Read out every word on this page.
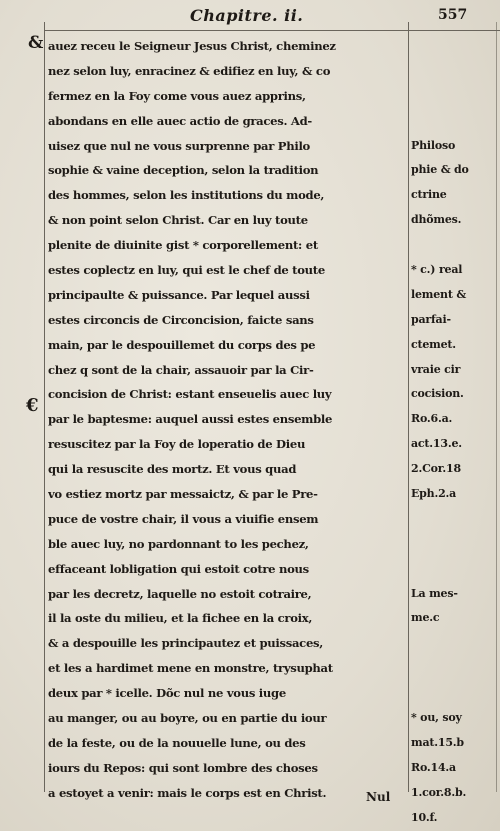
Chapitre. ii.	557
&
€
auez receu le Seigneur Jesus Christ, cheminez
nez selon luy, enracinez & edifiez en luy, & co
fermez en la Foy come vous auez apprins,
abondans en elle auec actio de graces. Ad-
uisez que nul ne vous surprenne par Philo
sophie & vaine deception, selon la tradition
des hommes, selon les institutions du mode,
& non point selon Christ. Car en luy toute
plenite de diuinite gist * corporellement: et
estes coplectz en luy, qui est le chef de toute
principaulte & puissance. Par lequel aussi
estes circoncis de Circoncision, faicte sans
main, par le despouillemet du corps des pe
chez q sont de la chair, assauoir par la Cir-
concision de Christ: estant enseuelis auec luy
par le baptesme: auquel aussi estes ensemble
resuscitez par la Foy de loperatio de Dieu
qui la resuscite des mortz. Et vous quad
vo estiez mortz par messaictz, & par le Pre-
puce de vostre chair, il vous a viuifie ensem
ble auec luy, no pardonnant to les pechez,
effaceant lobligation qui estoit cotre nous
par les decretz, laquelle no estoit cotraire,
il la oste du milieu, et la fichee en la croix,
& a despouille les principautez et puissaces,
et les a hardimet mene en monstre, trysuphat
deux par * icelle. Dõc nul ne vous iuge
au manger, ou au boyre, ou en partie du iour
de la feste, ou de la nouuelle lune, ou des
iours du Repos: qui sont lombre des choses
a estoyet a venir: mais le corps est en Christ.
Philoso
phie & do
ctrine
dhõmes.
* c.) real
lement &
parfai-
ctemet.
vraie cir
cocision.
Ro.6.a.
act.13.e.
2.Cor.18
Eph.2.a
La mes-
me.c
* ou, soy
mat.15.b
Ro.14.a
1.cor.8.b.
10.f.
Nul
